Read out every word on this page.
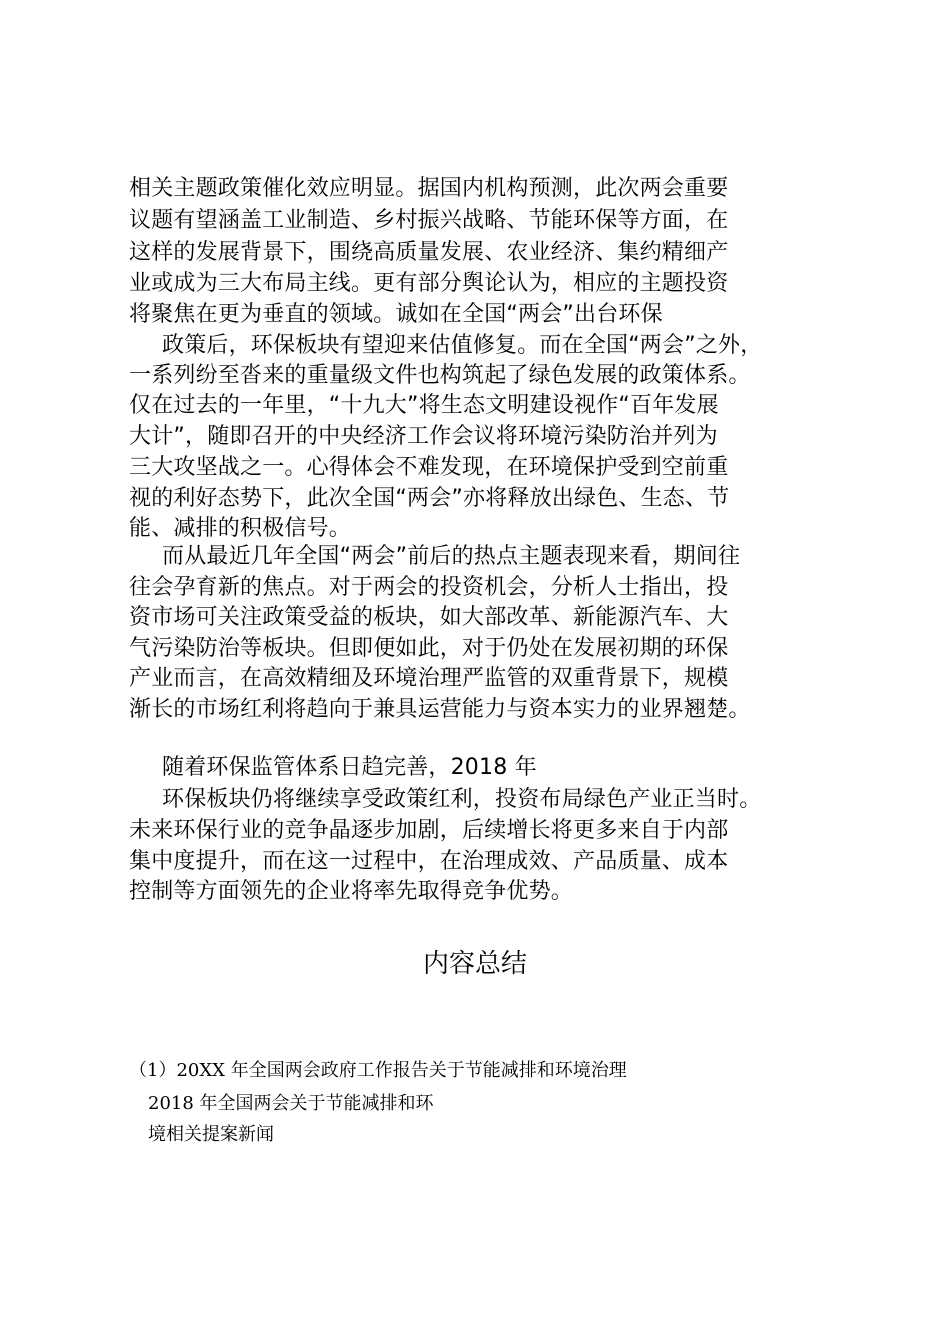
相关主题政策催化效应明显。据国内机构预测，此次两会重要
议题有望涵盖工业制造、乡村振兴战略、节能环保等方面，在
这样的发展背景下，围绕高质量发展、农业经济、集约精细产
业或成为三大布局主线。更有部分舆论认为，相应的主题投资
将聚焦在更为垂直的领域。诚如在全国“两会”出台环保
政策后，环保板块有望迎来估值修复。而在全国“两会”之外，
一系列纷至沓来的重量级文件也构筑起了绿色发展的政策体系。
仅在过去的一年里，“十九大”将生态文明建设视作“百年发展
大计”，随即召开的中央经济工作会议将环境污染防治并列为
三大攻坚战之一。心得体会不难发现，在环境保护受到空前重
视的利好态势下，此次全国“两会”亦将释放出绿色、生态、节
能、减排的积极信号。
而从最近几年全国“两会”前后的热点主题表现来看，期间往
往会孕育新的焦点。对于两会的投资机会，分析人士指出，投
资市场可关注政策受益的板块，如大部改革、新能源汽车、大
气污染防治等板块。但即便如此，对于仍处在发展初期的环保
产业而言，在高效精细及环境治理严监管的双重背景下，规模
渐长的市场红利将趋向于兼具运营能力与资本实力的业界翘楚。
随着环保监管体系日趋完善，2018 年
环保板块仍将继续享受政策红利，投资布局绿色产业正当时。
未来环保行业的竞争晶逐步加剧，后续增长将更多来自于内部
集中度提升，而在这一过程中，在治理成效、产品质量、成本
控制等方面领先的企业将率先取得竞争优势。
内容总结
（1）20XX 年全国两会政府工作报告关于节能减排和环境治理
2018 年全国两会关于节能减排和环
境相关提案新闻
